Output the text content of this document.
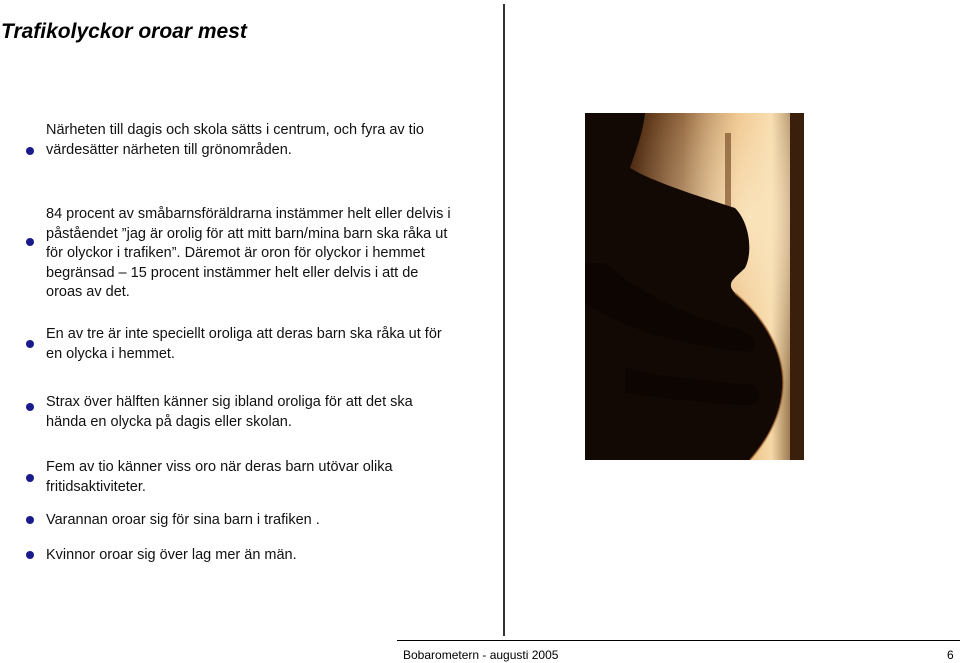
Trafikolyckor oroar mest
Närheten till dagis och skola sätts i centrum, och fyra av tio värdesätter närheten till grönområden.
84 procent av småbarnsföräldrarna instämmer helt eller delvis i påståendet ”jag är orolig för att mitt barn/mina barn ska råka ut för olyckor i trafiken”. Däremot är oron för olyckor i hemmet begränsad – 15 procent instämmer helt eller delvis i att de oroas av det.
En av tre är inte speciellt oroliga att deras barn ska råka ut för en olycka i hemmet.
Strax över hälften känner sig ibland oroliga för att det ska hända en olycka på dagis eller skolan.
Fem av tio känner viss oro när deras barn utövar olika fritidsaktiviteter.
Varannan oroar sig för sina barn i trafiken .
Kvinnor oroar sig över lag mer än män.
Bobarometern - augusti 2005	6
